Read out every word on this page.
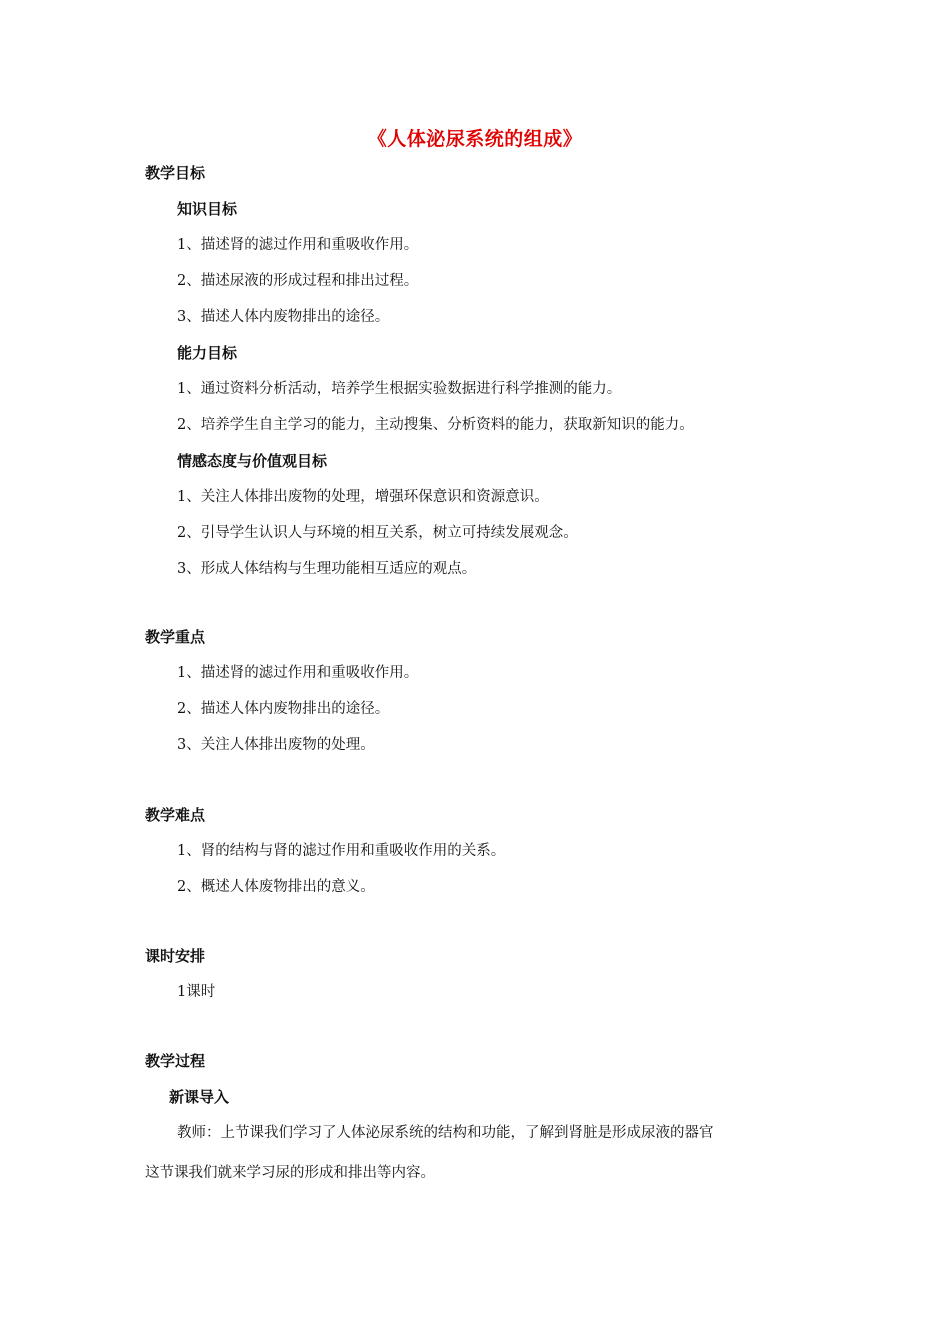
《人体泌尿系统的组成》
教学目标
知识目标
1、描述肾的滤过作用和重吸收作用。
2、描述尿液的形成过程和排出过程。
3、描述人体内废物排出的途径。
能力目标
1、通过资料分析活动，培养学生根据实验数据进行科学推测的能力。
2、培养学生自主学习的能力，主动搜集、分析资料的能力，获取新知识的能力。
情感态度与价值观目标
1、关注人体排出废物的处理，增强环保意识和资源意识。
2、引导学生认识人与环境的相互关系，树立可持续发展观念。
3、形成人体结构与生理功能相互适应的观点。
教学重点
1、描述肾的滤过作用和重吸收作用。
2、描述人体内废物排出的途径。
3、关注人体排出废物的处理。
教学难点
1、肾的结构与肾的滤过作用和重吸收作用的关系。
2、概述人体废物排出的意义。
课时安排
1课时
教学过程
新课导入
教师：上节课我们学习了人体泌尿系统的结构和功能，了解到肾脏是形成尿液的器官
这节课我们就来学习尿的形成和排出等内容。
